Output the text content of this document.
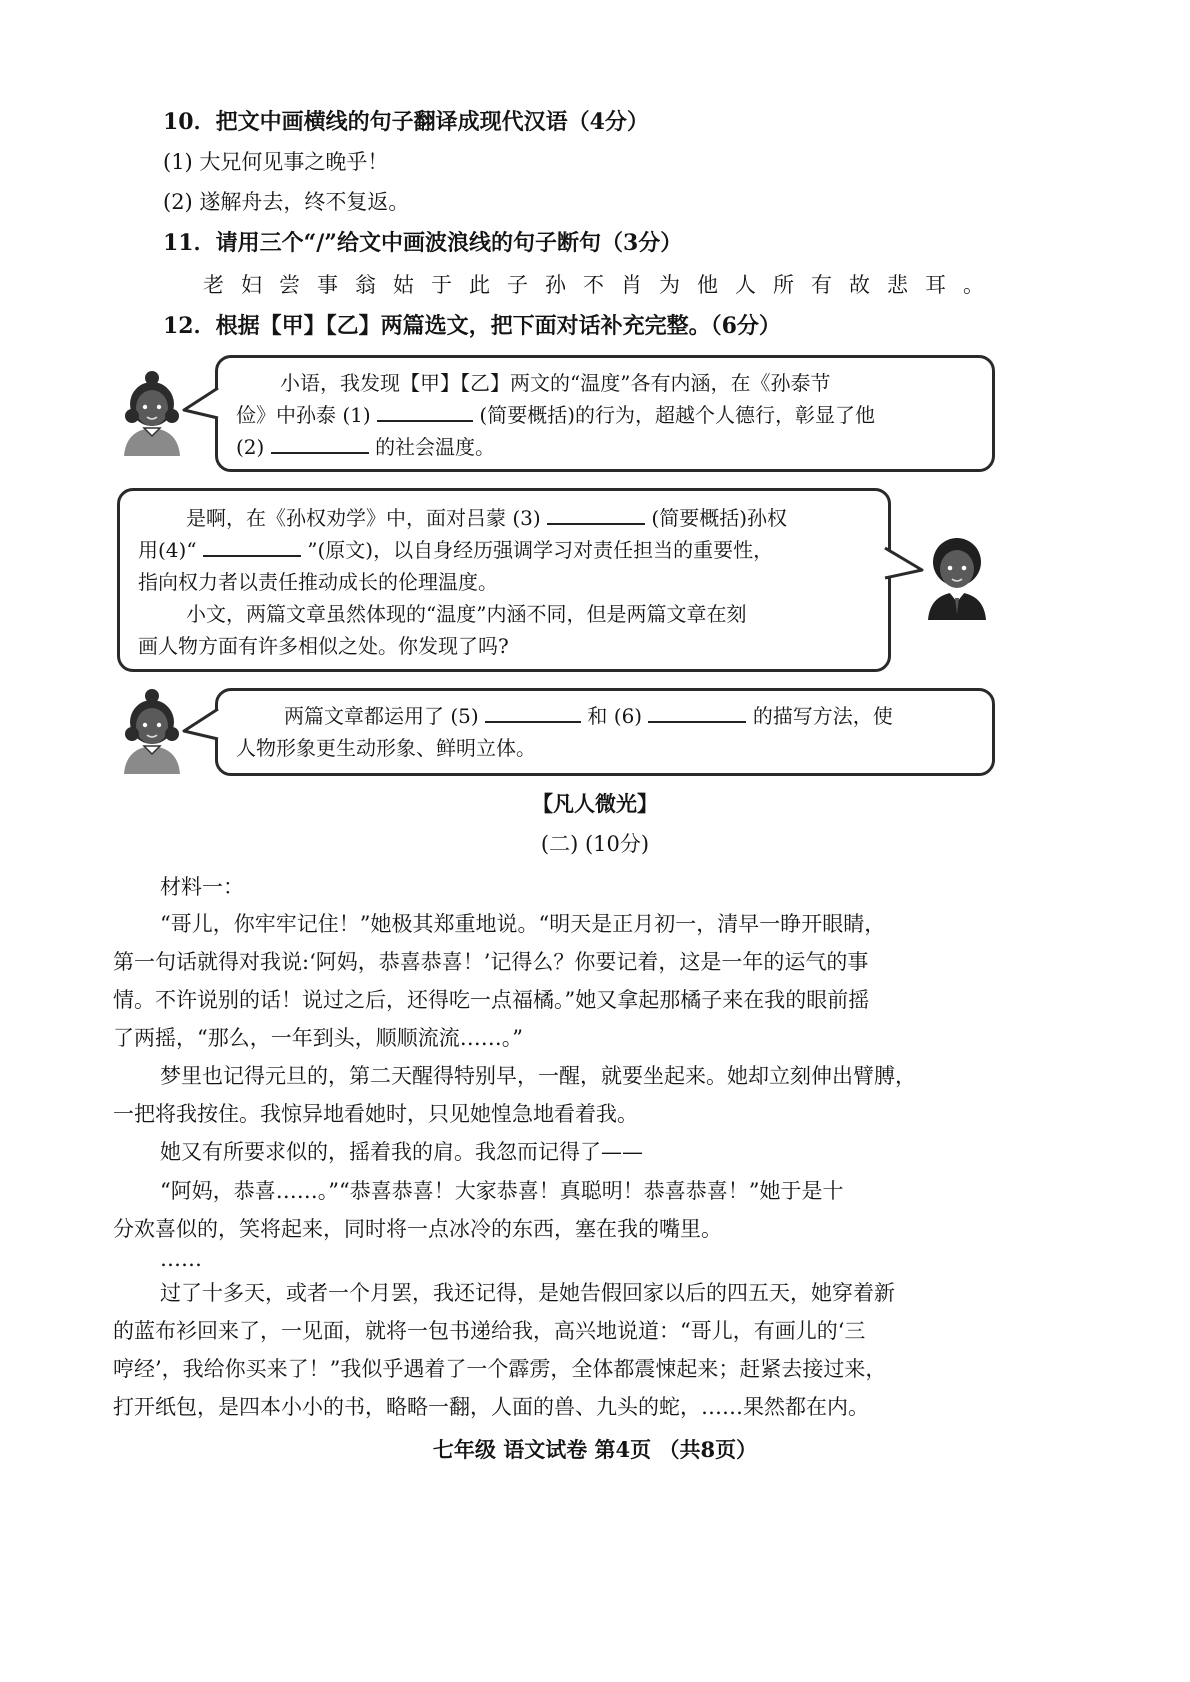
10．把文中画横线的句子翻译成现代汉语（4分）
(1) 大兄何见事之晚乎！
(2) 遂解舟去，终不复返。
11．请用三个“/”给文中画波浪线的句子断句（3分）
老妇尝事翁姑于此子孙不肖为他人所有故悲耳。
12．根据【甲】【乙】两篇选文，把下面对话补充完整。（6分）
小语，我发现【甲】【乙】两文的“温度”各有内涵，在《孙泰节
俭》中孙泰 (1)	(简要概括)的行为，超越个人德行，彰显了他
(2)	的社会温度。
是啊，在《孙权劝学》中，面对吕蒙 (3)	(简要概括)孙权
用(4)“	”(原文)，以自身经历强调学习对责任担当的重要性，
指向权力者以责任推动成长的伦理温度。
小文，两篇文章虽然体现的“温度”内涵不同，但是两篇文章在刻
画人物方面有许多相似之处。你发现了吗?
两篇文章都运用了 (5)	和 (6)	的描写方法，使
人物形象更生动形象、鲜明立体。
【凡人微光】
(二) (10分)
材料一：
“哥儿，你牢牢记住！”她极其郑重地说。“明天是正月初一，清早一睁开眼睛，
第一句话就得对我说:‘阿妈，恭喜恭喜！’记得么？你要记着，这是一年的运气的事
情。不许说别的话！说过之后，还得吃一点福橘。”她又拿起那橘子来在我的眼前摇
了两摇，“那么，一年到头，顺顺流流……。”
梦里也记得元旦的，第二天醒得特别早，一醒，就要坐起来。她却立刻伸出臂膊，
一把将我按住。我惊异地看她时，只见她惶急地看着我。
她又有所要求似的，摇着我的肩。我忽而记得了——
“阿妈，恭喜……。”“恭喜恭喜！大家恭喜！真聪明！恭喜恭喜！”她于是十
分欢喜似的，笑将起来，同时将一点冰冷的东西，塞在我的嘴里。
……
过了十多天，或者一个月罢，我还记得，是她告假回家以后的四五天，她穿着新
的蓝布衫回来了，一见面，就将一包书递给我，高兴地说道：“哥儿，有画儿的‘三
哼经’，我给你买来了！”我似乎遇着了一个霹雳，全体都震悚起来；赶紧去接过来，
打开纸包，是四本小小的书，略略一翻，人面的兽、九头的蛇，……果然都在内。
七年级 语文试卷 第4页 （共8页）
